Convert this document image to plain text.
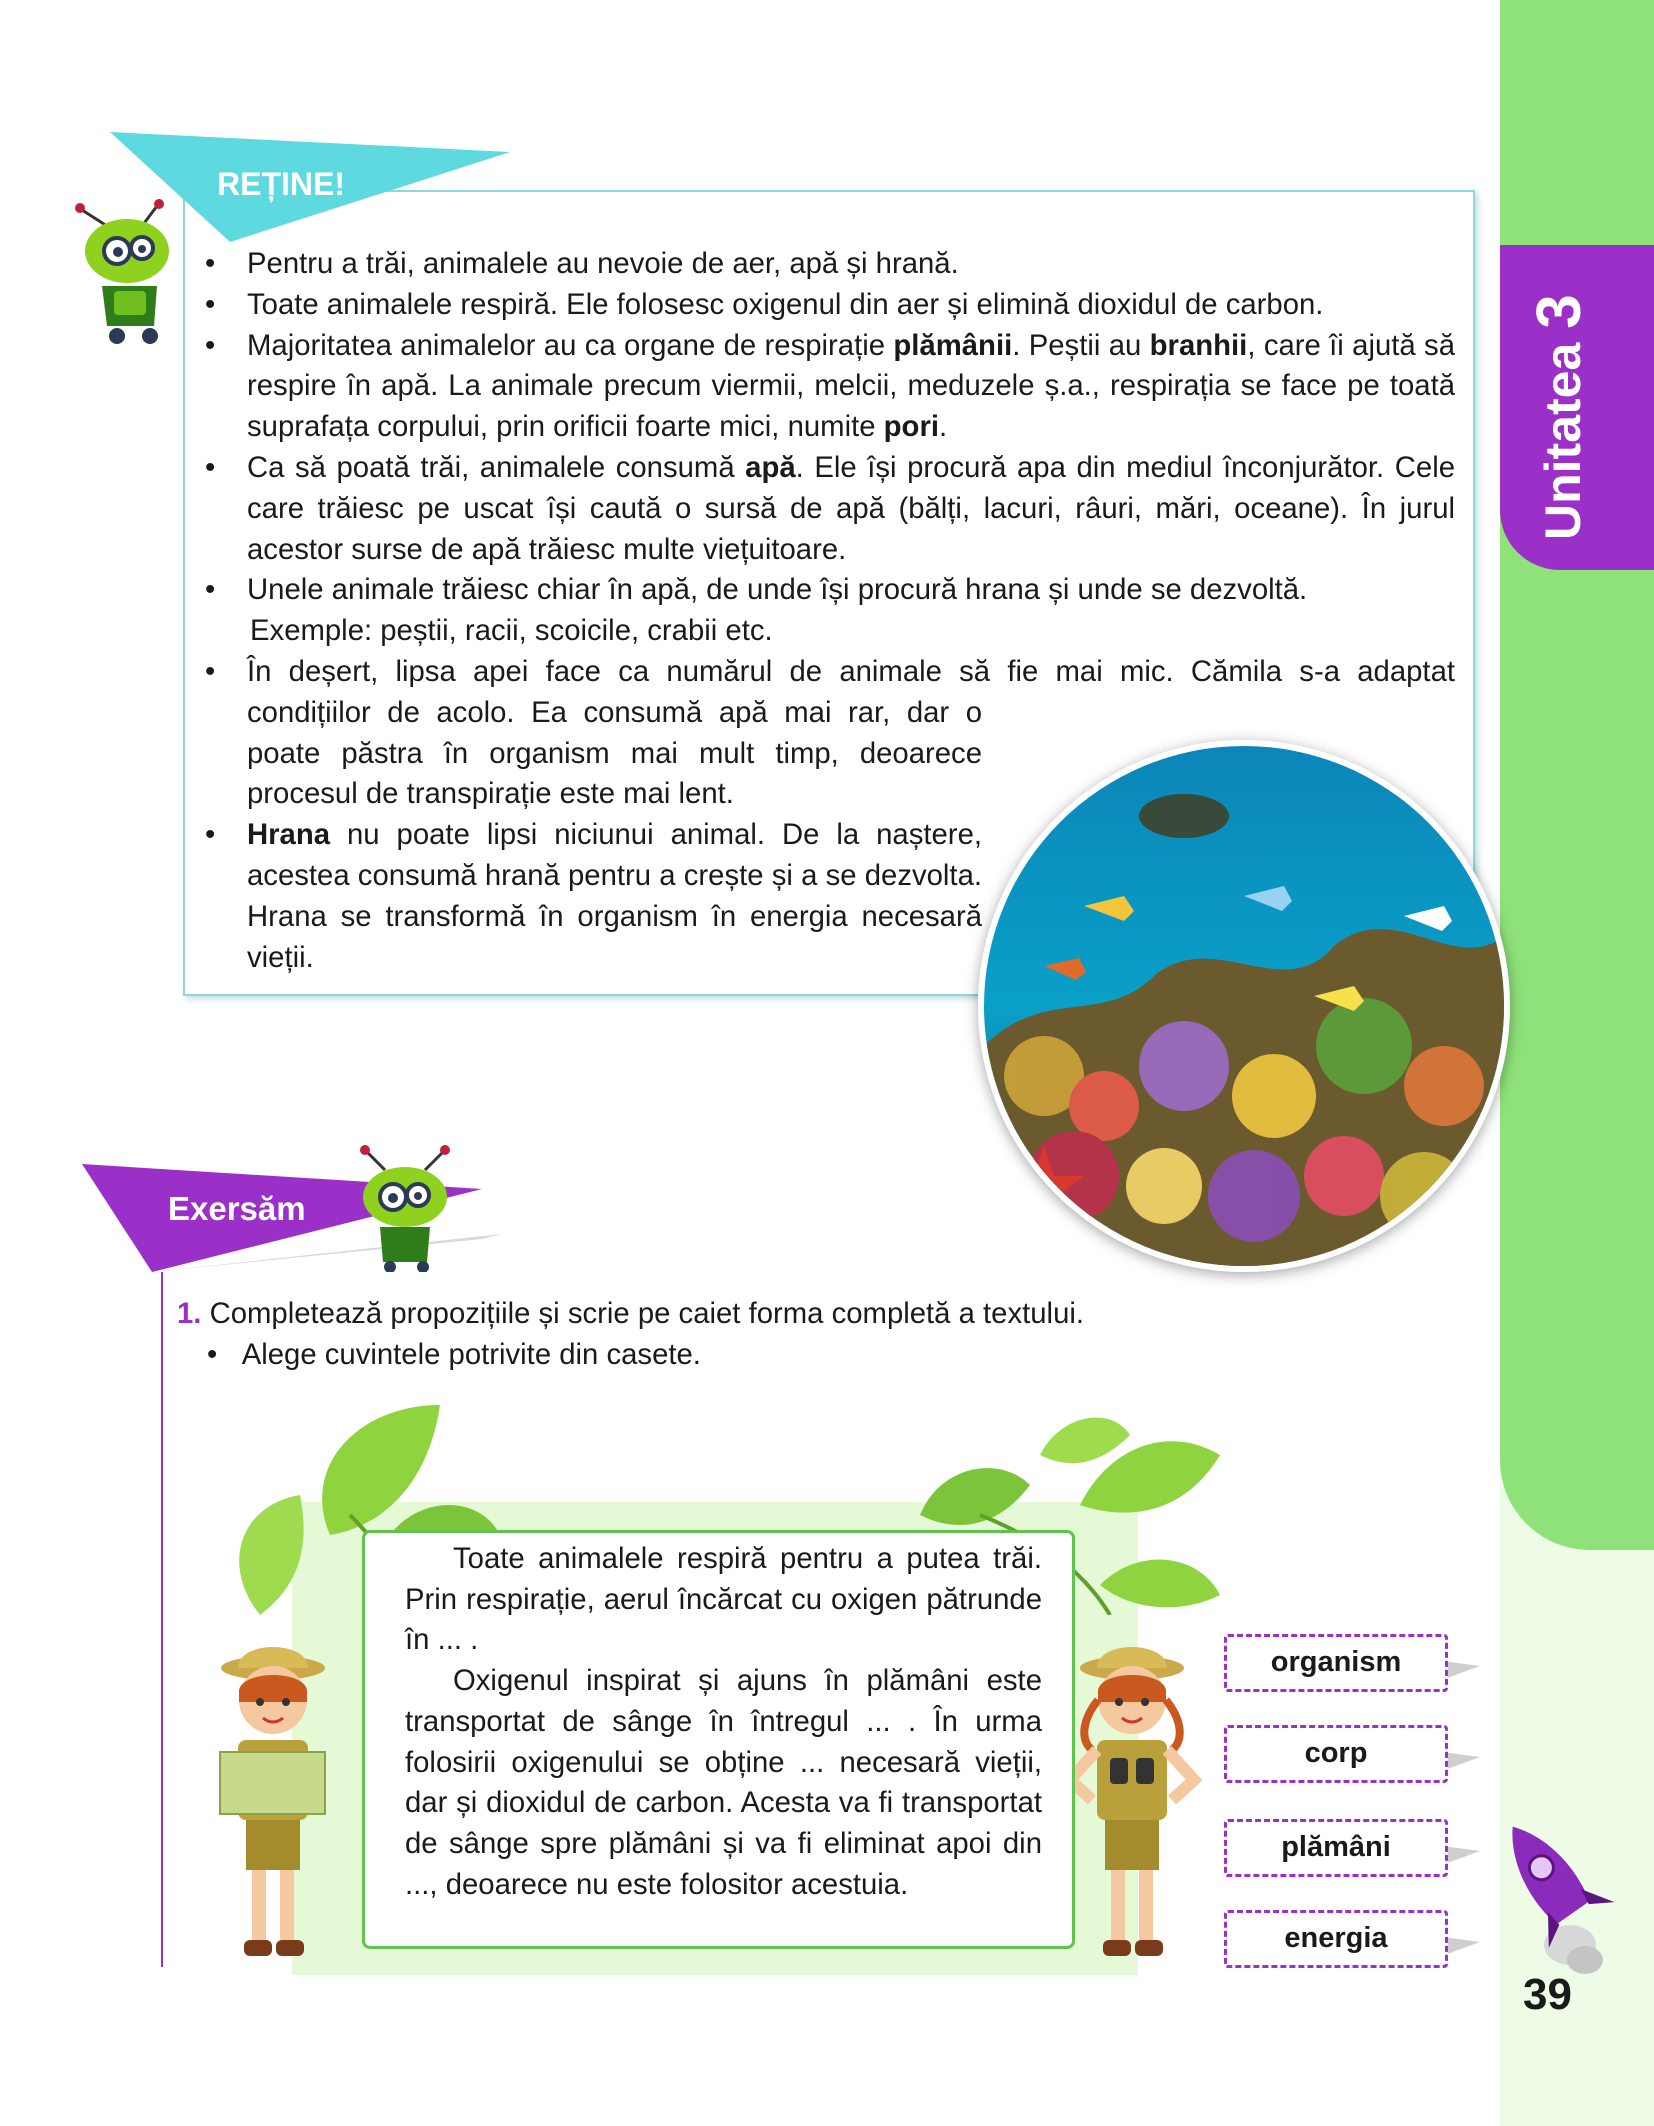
Unitatea3
39
REȚINE!
• Pentru a trăi, animalele au nevoie de aer, apă și hrană.
• Toate animalele respiră. Ele folosesc oxigenul din aer și elimină dioxidul de carbon.
• Majoritatea animalelor au ca organe de respirație plămânii. Peștii au branhii, care îi ajută să respire în apă. La animale precum viermii, melcii, meduzele ș.a., respirația se face pe toată suprafața corpului, prin orificii foarte mici, numite pori.
• Ca să poată trăi, animalele consumă apă. Ele își procură apa din mediul înconjurător. Cele care trăiesc pe uscat își caută o sursă de apă (bălți, lacuri, râuri, mări, oceane). În jurul acestor surse de apă trăiesc multe viețuitoare.
• Unele animale trăiesc chiar în apă, de unde își procură hrana și unde se dezvoltă.
Exemple: peștii, racii, scoicile, crabii etc.
• În deșert, lipsa apei face ca numărul de animale să fie mai mic. Cămila s-a adaptat
condițiilor de acolo. Ea consumă apă mai rar, dar o poate păstra în organism mai mult timp, deoarece procesul de transpirație este mai lent.
• Hrana nu poate lipsi niciunui animal. De la naștere, acestea consumă hrană pentru a crește și a se dezvolta. Hrana se transformă în organism în energia necesară vieții.
Exersăm
1. Completează propozițiile și scrie pe caiet forma completă a textului.
•   Alege cuvintele potrivite din casete.

Toate animalele respiră pentru a putea trăi. Prin respirație, aerul încărcat cu oxigen pătrunde în ... .

Oxigenul inspirat și ajuns în plămâni este transportat de sânge în întregul ... . În urma folosirii oxigenului se obține ... necesară vieții, dar și dioxidul de carbon. Acesta va fi transportat de sânge spre plămâni și va fi eliminat apoi din ..., deoarece nu este folositor acestuia.

organism
corp
plămâni
energia
